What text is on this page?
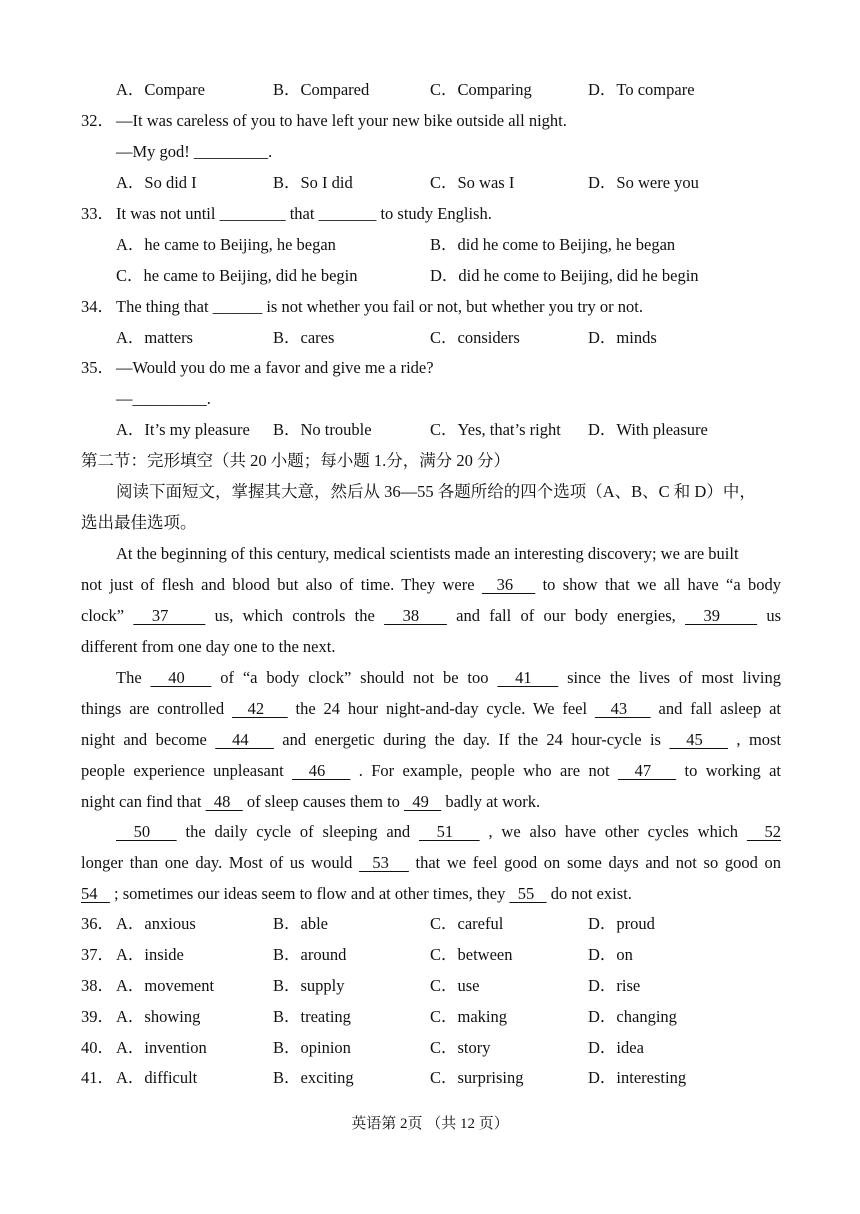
A．Compare	B．Compared	C．Comparing	D．To compare
32． —It was careless of you to have left your new bike outside all night.
—My god! _________.
A．So did I	B．So I did	C．So was I	D．So were you
33． It was not until ________ that _______ to study English.
A．he came to Beijing, he began	B．did he come to Beijing, he began
C．he came to Beijing, did he begin	D．did he come to Beijing, did he begin
34． The thing that ______ is not whether you fail or not, but whether you try or not.
A．matters	B．cares	C．considers	D．minds
35． —Would you do me a favor and give me a ride?
—_________.
A．It’s my pleasure B．No trouble	C．Yes, that’s right D．With pleasure
第二节：完形填空（共 20 小题；每小题 1.分，满分 20 分）
阅读下面短文，掌握其大意，然后从 36—55 各题所给的四个选项（A、B、C 和 D）中，
选出最佳选项。
At the beginning of this century, medical scientists made an interesting discovery; we are built
not just of flesh and blood but also of time. They were   36    to show that we all have “a body
clock”   37     us, which controls the   38    and fall of our body energies,   39     us
different from one day one to the next.
The   40    of “a body clock” should not be too   41    since the lives of most living
things are controlled   42    the 24 hour night-and-day cycle. We feel   43    and fall asleep at
night and become   44    and energetic during the day. If the 24 hour-cycle is   45    , most
people experience unpleasant   46    . For example, people who are not   47    to working at
night can find that   48    of sleep causes them to   49    badly at work.
50    the daily cycle of sleeping and   51    , we also have other cycles which   52
longer than one day. Most of us would   53    that we feel good on some days and not so good on
54    ; sometimes our ideas seem to flow and at other times, they   55    do not exist.
36． A．anxious	B．able	C．careful	D．proud
37． A．inside	B．around	C．between	D．on
38． A．movement	B．supply	C．use	D．rise
39． A．showing	B．treating	C．making	D．changing
40． A．invention	B．opinion	C．story	D．idea
41． A．difficult	B．exciting	C．surprising	D．interesting
英语第 2页 （共 12 页）
